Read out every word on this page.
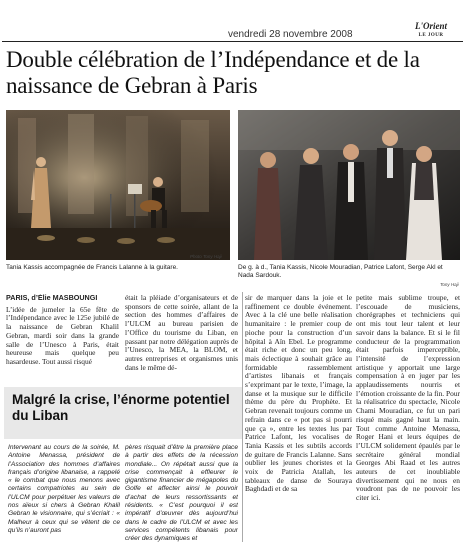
vendredi 28 novembre 2008
L'Orient
LE JOUR
Double célébration de l’Indépendance et de la naissance de Gebran à Paris
Tania Kassis accompagnée de Francis Lalanne à la guitare.
Photo Tony Haji
De g. à d., Tania Kassis, Nicole Mouradian, Patrice Lafont, Serge Akl et Nada Sardouk.
Tony Haji
PARIS, d’Élie MASBOUNGI
L’idée de jumeler la 65e fête de l’Indépendance avec le 125e jubilé de la naissance de Gebran Khalil Gebran, mardi soir dans la grande salle de l’Unesco à Paris, était heureuse mais quelque peu hasardeuse. Tout aussi risqué
était la pléiade d’organisateurs et de sponsors de cette soirée, allant de la section des hommes d’affaires de l’ULCM au bureau parisien de l’Office du tourisme du Liban, en passant par notre délégation auprès de l’Unesco, la MEA, la BLOM, et autres entreprises et organismes unis dans le même dé-
sir de marquer dans la joie et le raffinement ce double événement. Avec à la clé une belle réalisation humanitaire : le premier coup de pioche pour la construction d’un hôpital à Aïn Ebel. Le programme était riche et donc un peu long, mais éclectique à souhait grâce au formidable rassemblement d’artistes libanais et français s’exprimant par le texte, l’image, la danse et la musique sur le difficile thème du père du Prophète. Et Gebran revenait toujours comme un refrain dans ce « pot pas si pourri que ça », entre les textes lus par Patrice Lafont, les vocalises de Tania Kassis et les subtils accords de guitare de Francis Lalanne. Sans oublier les jeunes choristes et la voix de Patricia Atallah, les tableaux de danse de Souraya Baghdadi et de sa
petite mais sublime troupe, et l’escouade de musiciens, chorégraphes et techniciens qui ont mis tout leur talent et leur savoir dans la balance. Et si le fil conducteur de la programmation était parfois imperceptible, l’intensité de l’expression artistique y apportait une large compensation à en juger par les applaudissements nourris et l’émotion croissante de la fin. Pour la réalisatrice du spectacle, Nicole Chami Mouradian, ce fut un pari risqué mais gagné haut la main. Tout comme Antoine Menassa, Roger Hani et leurs équipes de l’ULCM solidement épaulés par le secrétaire général mondial Georges Abi Raad et les autres auteurs de cet inoubliable divertissement qui ne nous en voudront pas de ne pouvoir les citer ici.
Malgré la crise, l’énorme potentiel du Liban
Intervenant au cours de la soirée, M. Antoine Menassa, président de l’Association des hommes d’affaires français d’origine libanaise, a rappelé « le combat que nous menons avec certains compatriotes au sein de l’ULCM pour perpétuer les valeurs de nos aïeux si chers à Gebran Khalil Gebran le visionnaire, qui s’écriait : « Malheur à ceux qui se vêtent de ce qu’ils n’auront pas
pères risquait d’être la première place à partir des effets de la récession mondiale... On répétait aussi que la crise commençait à effleurer le gigantisme financier de mégapoles du Golfe et affecter ainsi le pouvoir d’achat de leurs ressortissants et résidents. « C’est pourquoi il est impératif d’œuvrer dès aujourd’hui dans le cadre de l’ULCM et avec les services compétents libanais pour créer des dynamiques et
